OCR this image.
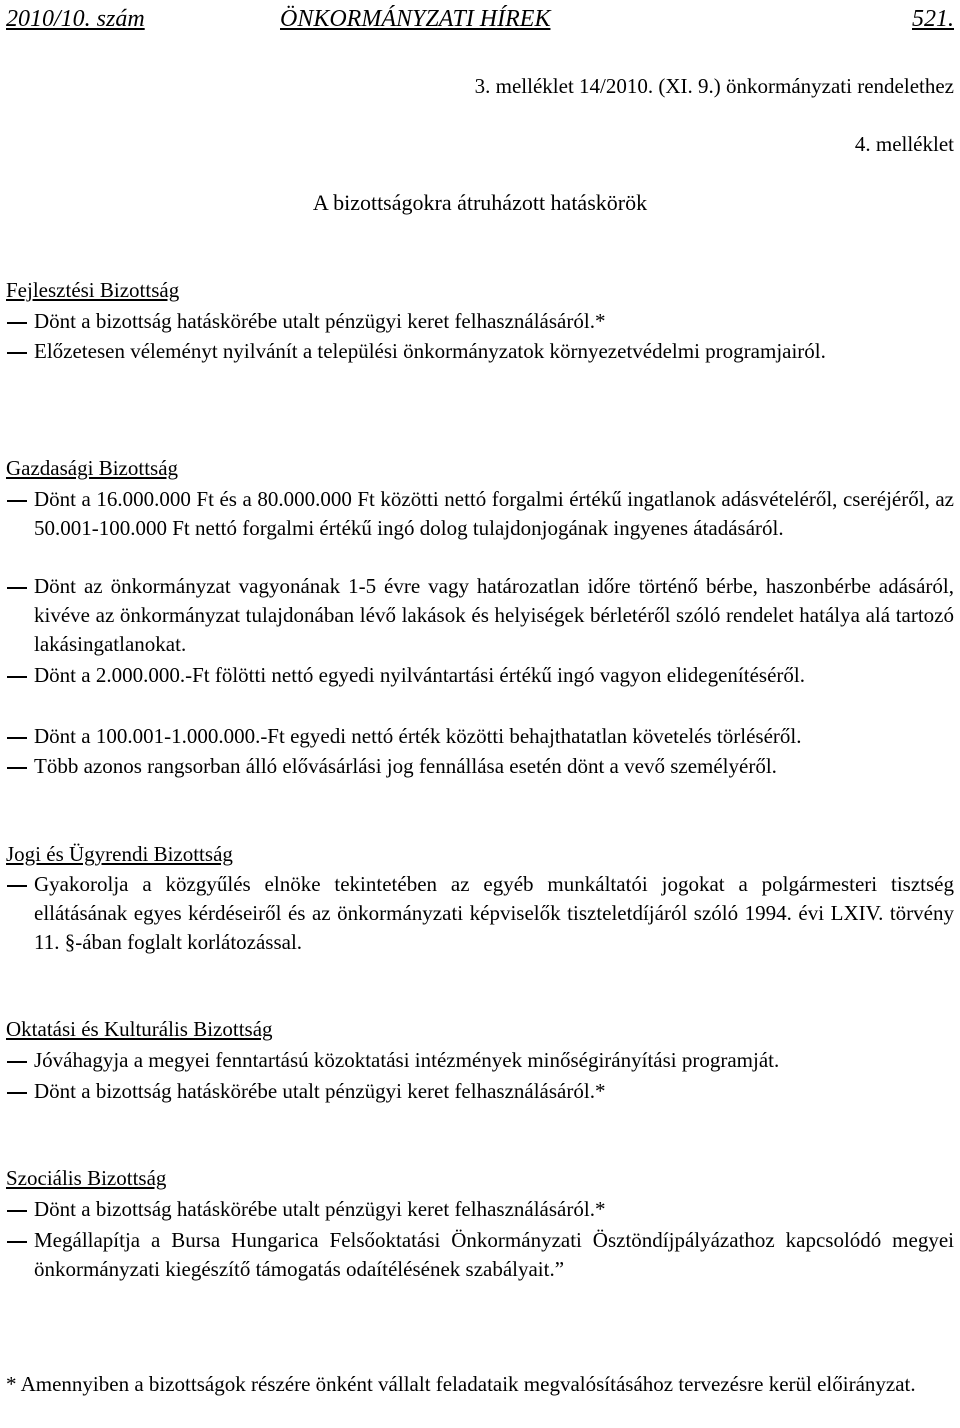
2010/10. szám	ÖNKORMÁNYZATI HÍREK	521.
3. melléklet 14/2010. (XI. 9.) önkormányzati rendelethez
4. melléklet
A bizottságokra átruházott hatáskörök
Fejlesztési Bizottság
Dönt a bizottság hatáskörébe utalt pénzügyi keret felhasználásáról.*
Előzetesen véleményt nyilvánít a települési önkormányzatok környezetvédelmi programjairól.
Gazdasági Bizottság
Dönt a 16.000.000 Ft és a 80.000.000 Ft közötti nettó forgalmi értékű ingatlanok adásvételéről, cseréjéről, az 50.001-100.000 Ft nettó forgalmi értékű ingó dolog tulajdonjogának ingyenes átadásáról.
Dönt az önkormányzat vagyonának 1-5 évre vagy határozatlan időre történő bérbe, haszonbérbe adásáról, kivéve az önkormányzat tulajdonában lévő lakások és helyiségek bérletéről szóló rendelet hatálya alá tartozó lakásingatlanokat.
Dönt a 2.000.000.-Ft fölötti nettó egyedi nyilvántartási értékű ingó vagyon elidegenítéséről.
Dönt a 100.001-1.000.000.-Ft egyedi nettó érték közötti behajthatatlan követelés törléséről.
Több azonos rangsorban álló elővásárlási jog fennállása esetén dönt a vevő személyéről.
Jogi és Ügyrendi Bizottság
Gyakorolja a közgyűlés elnöke tekintetében az egyéb munkáltatói jogokat a polgármesteri tisztség ellátásának egyes kérdéseiről és az önkormányzati képviselők tiszteletdíjáról szóló 1994. évi LXIV. törvény 11. §-ában foglalt korlátozással.
Oktatási és Kulturális Bizottság
Jóváhagyja a megyei fenntartású közoktatási intézmények minőségirányítási programját.
Dönt a bizottság hatáskörébe utalt pénzügyi keret felhasználásáról.*
Szociális Bizottság
Dönt a bizottság hatáskörébe utalt pénzügyi keret felhasználásáról.*
Megállapítja a Bursa Hungarica Felsőoktatási Önkormányzati Ösztöndíjpályázathoz kapcsolódó megyei önkormányzati kiegészítő támogatás odaítélésének szabályait.”
* Amennyiben a bizottságok részére önként vállalt feladataik megvalósításához tervezésre kerül előirányzat.
